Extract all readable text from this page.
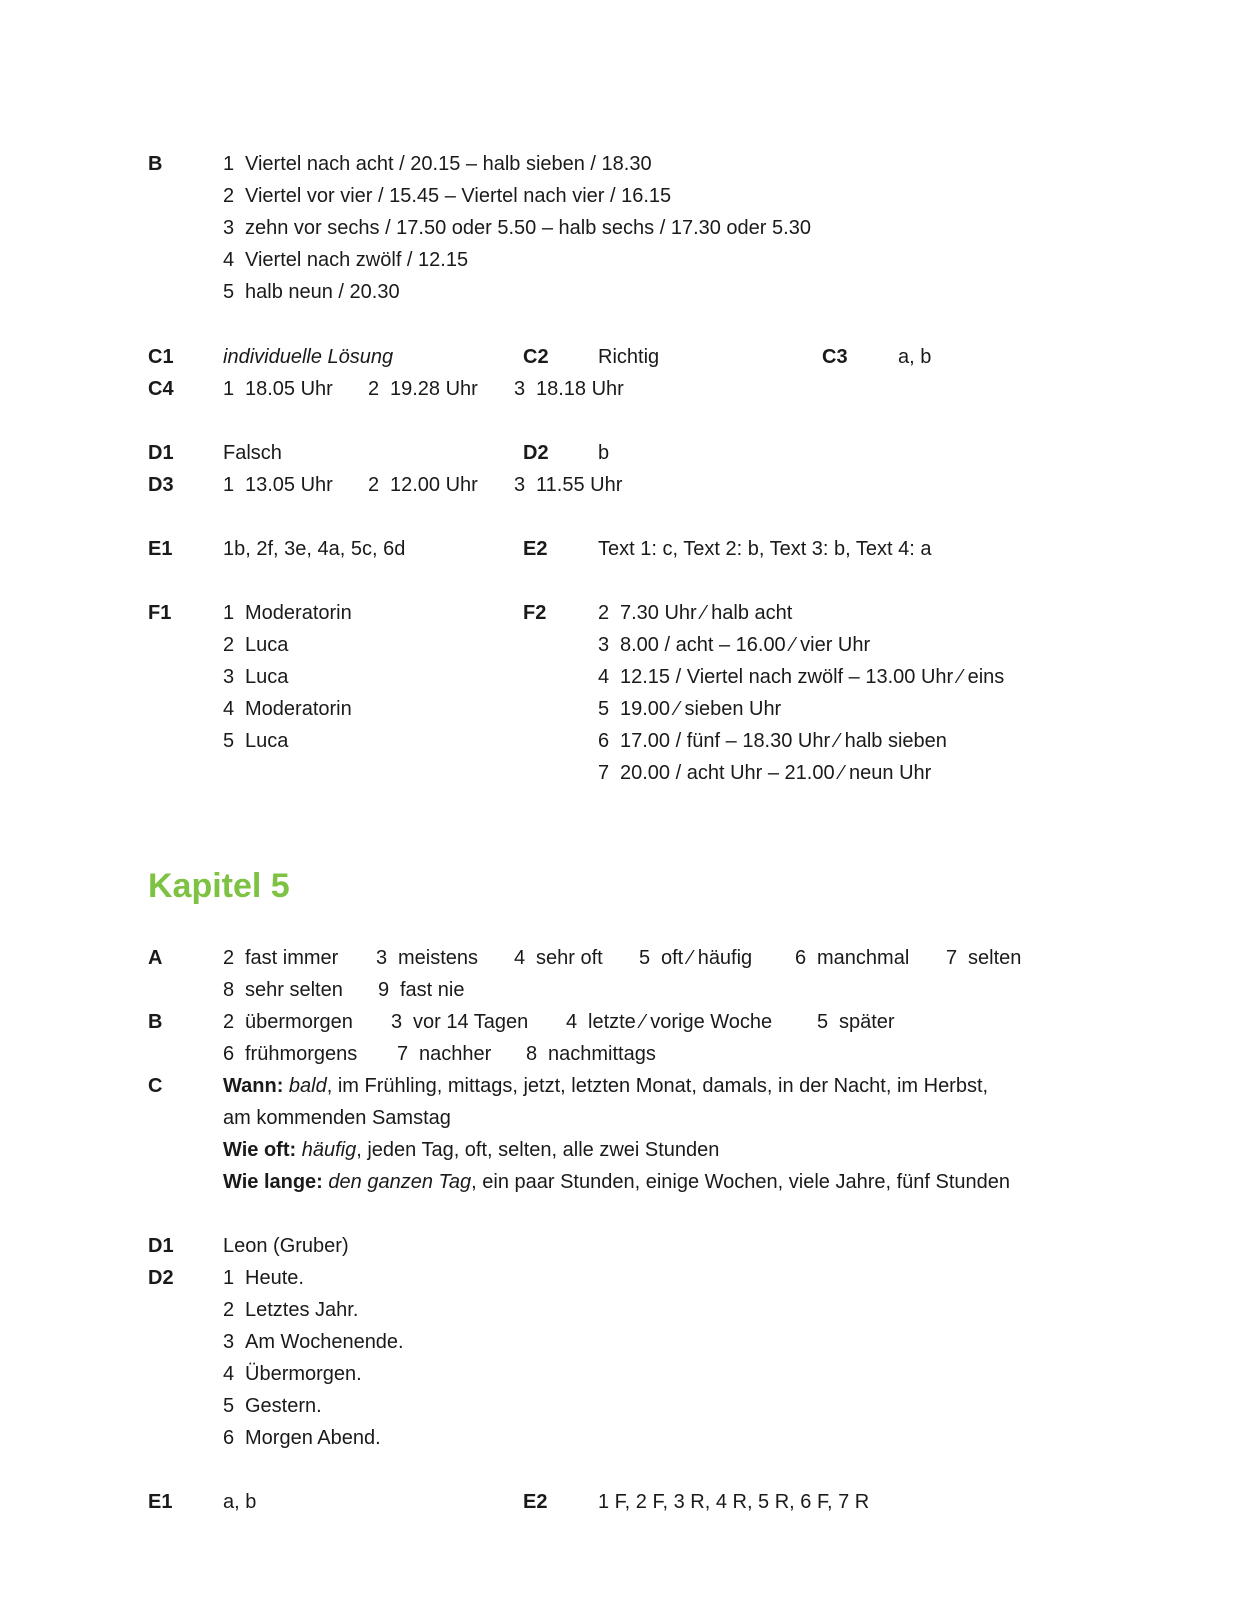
B	1 Viertel nach acht / 20.15 – halb sieben / 18.30
2 Viertel vor vier / 15.45 – Viertel nach vier / 16.15
3 zehn vor sechs / 17.50 oder 5.50 – halb sechs / 17.30 oder 5.30
4 Viertel nach zwölf / 12.15
5 halb neun / 20.30
C1 individuelle Lösung	C2 Richtig	C3	a, b
C4 1 18.05 Uhr 2 19.28 Uhr 3 18.18 Uhr
D1 Falsch	D2 b
D3 1 13.05 Uhr 2 12.00 Uhr 3 11.55 Uhr
E1	1b, 2f, 3e, 4a, 5c, 6d	E2	Text 1: c, Text 2: b, Text 3: b, Text 4: a
F1	1 Moderatorin
2 Luca
3 Luca
4 Moderatorin
5 Luca
F2	2 7.30 Uhr ⁄ halb acht
3 8.00 / acht – 16.00 ⁄ vier Uhr
4 12.15 / Viertel nach zwölf – 13.00 Uhr ⁄ eins
5 19.00 ⁄ sieben Uhr
6 17.00 / fünf – 18.30 Uhr ⁄ halb sieben
7 20.00 / acht Uhr – 21.00 ⁄ neun Uhr
Kapitel 5
A	2 fast immer 3 meistens 4 sehr oft 5 oft ⁄ häufig 6 manchmal 7 selten
8 sehr selten 9 fast nie
B	2 übermorgen 3 vor 14 Tagen 4 letzte ⁄ vorige Woche 5 später
6 frühmorgens 7 nachher 8 nachmittags
C	Wann: bald, im Frühling, mittags, jetzt, letzten Monat, damals, in der Nacht, im Herbst,
am kommenden Samstag
Wie oft: häufig, jeden Tag, oft, selten, alle zwei Stunden
Wie lange: den ganzen Tag, ein paar Stunden, einige Wochen, viele Jahre, fünf Stunden
D1 Leon (Gruber)
D2 1 Heute.
2 Letztes Jahr.
3 Am Wochenende.
4 Übermorgen.
5 Gestern.
6 Morgen Abend.
E1	a, b	E2	1 F, 2 F, 3 R, 4 R, 5 R, 6 F, 7 R
